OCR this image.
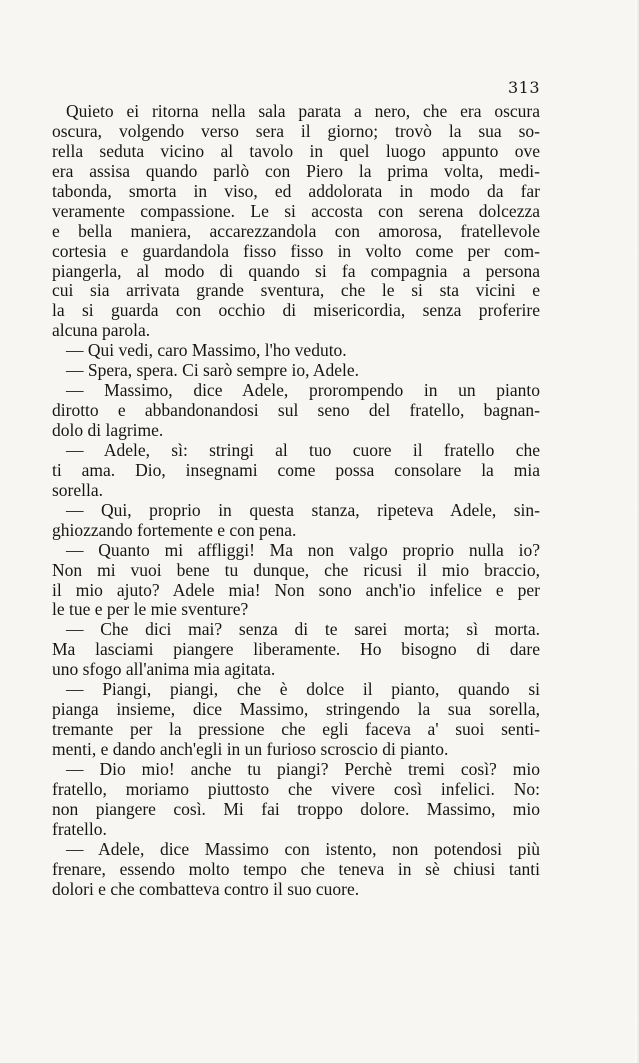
313
Quieto ei ritorna nella sala parata a nero, che era oscura
oscura, volgendo verso sera il giorno; trovò la sua so-
rella seduta vicino al tavolo in quel luogo appunto ove
era assisa quando parlò con Piero la prima volta, medi-
tabonda, smorta in viso, ed addolorata in modo da far
veramente compassione. Le si accosta con serena dolcezza
e bella maniera, accarezzandola con amorosa, fratellevole
cortesia e guardandola fisso fisso in volto come per com-
piangerla, al modo di quando si fa compagnia a persona
cui sia arrivata grande sventura, che le si sta vicini e
la si guarda con occhio di misericordia, senza proferire
alcuna parola.
— Qui vedi, caro Massimo, l'ho veduto.
— Spera, spera. Ci sarò sempre io, Adele.
— Massimo, dice Adele, prorompendo in un pianto
dirotto e abbandonandosi sul seno del fratello, bagnan-
dolo di lagrime.
— Adele, sì: stringi al tuo cuore il fratello che
ti ama. Dio, insegnami come possa consolare la mia
sorella.
— Qui, proprio in questa stanza, ripeteva Adele, sin-
ghiozzando fortemente e con pena.
— Quanto mi affliggi! Ma non valgo proprio nulla io?
Non mi vuoi bene tu dunque, che ricusi il mio braccio,
il mio ajuto? Adele mia! Non sono anch'io infelice e per
le tue e per le mie sventure?
— Che dici mai? senza di te sarei morta; sì morta.
Ma lasciami piangere liberamente. Ho bisogno di dare
uno sfogo all'anima mia agitata.
— Piangi, piangi, che è dolce il pianto, quando si
pianga insieme, dice Massimo, stringendo la sua sorella,
tremante per la pressione che egli faceva a' suoi senti-
menti, e dando anch'egli in un furioso scroscio di pianto.
— Dio mio! anche tu piangi? Perchè tremi così? mio
fratello, moriamo piuttosto che vivere così infelici. No:
non piangere così. Mi fai troppo dolore. Massimo, mio
fratello.
— Adele, dice Massimo con istento, non potendosi più
frenare, essendo molto tempo che teneva in sè chiusi tanti
dolori e che combatteva contro il suo cuore.
